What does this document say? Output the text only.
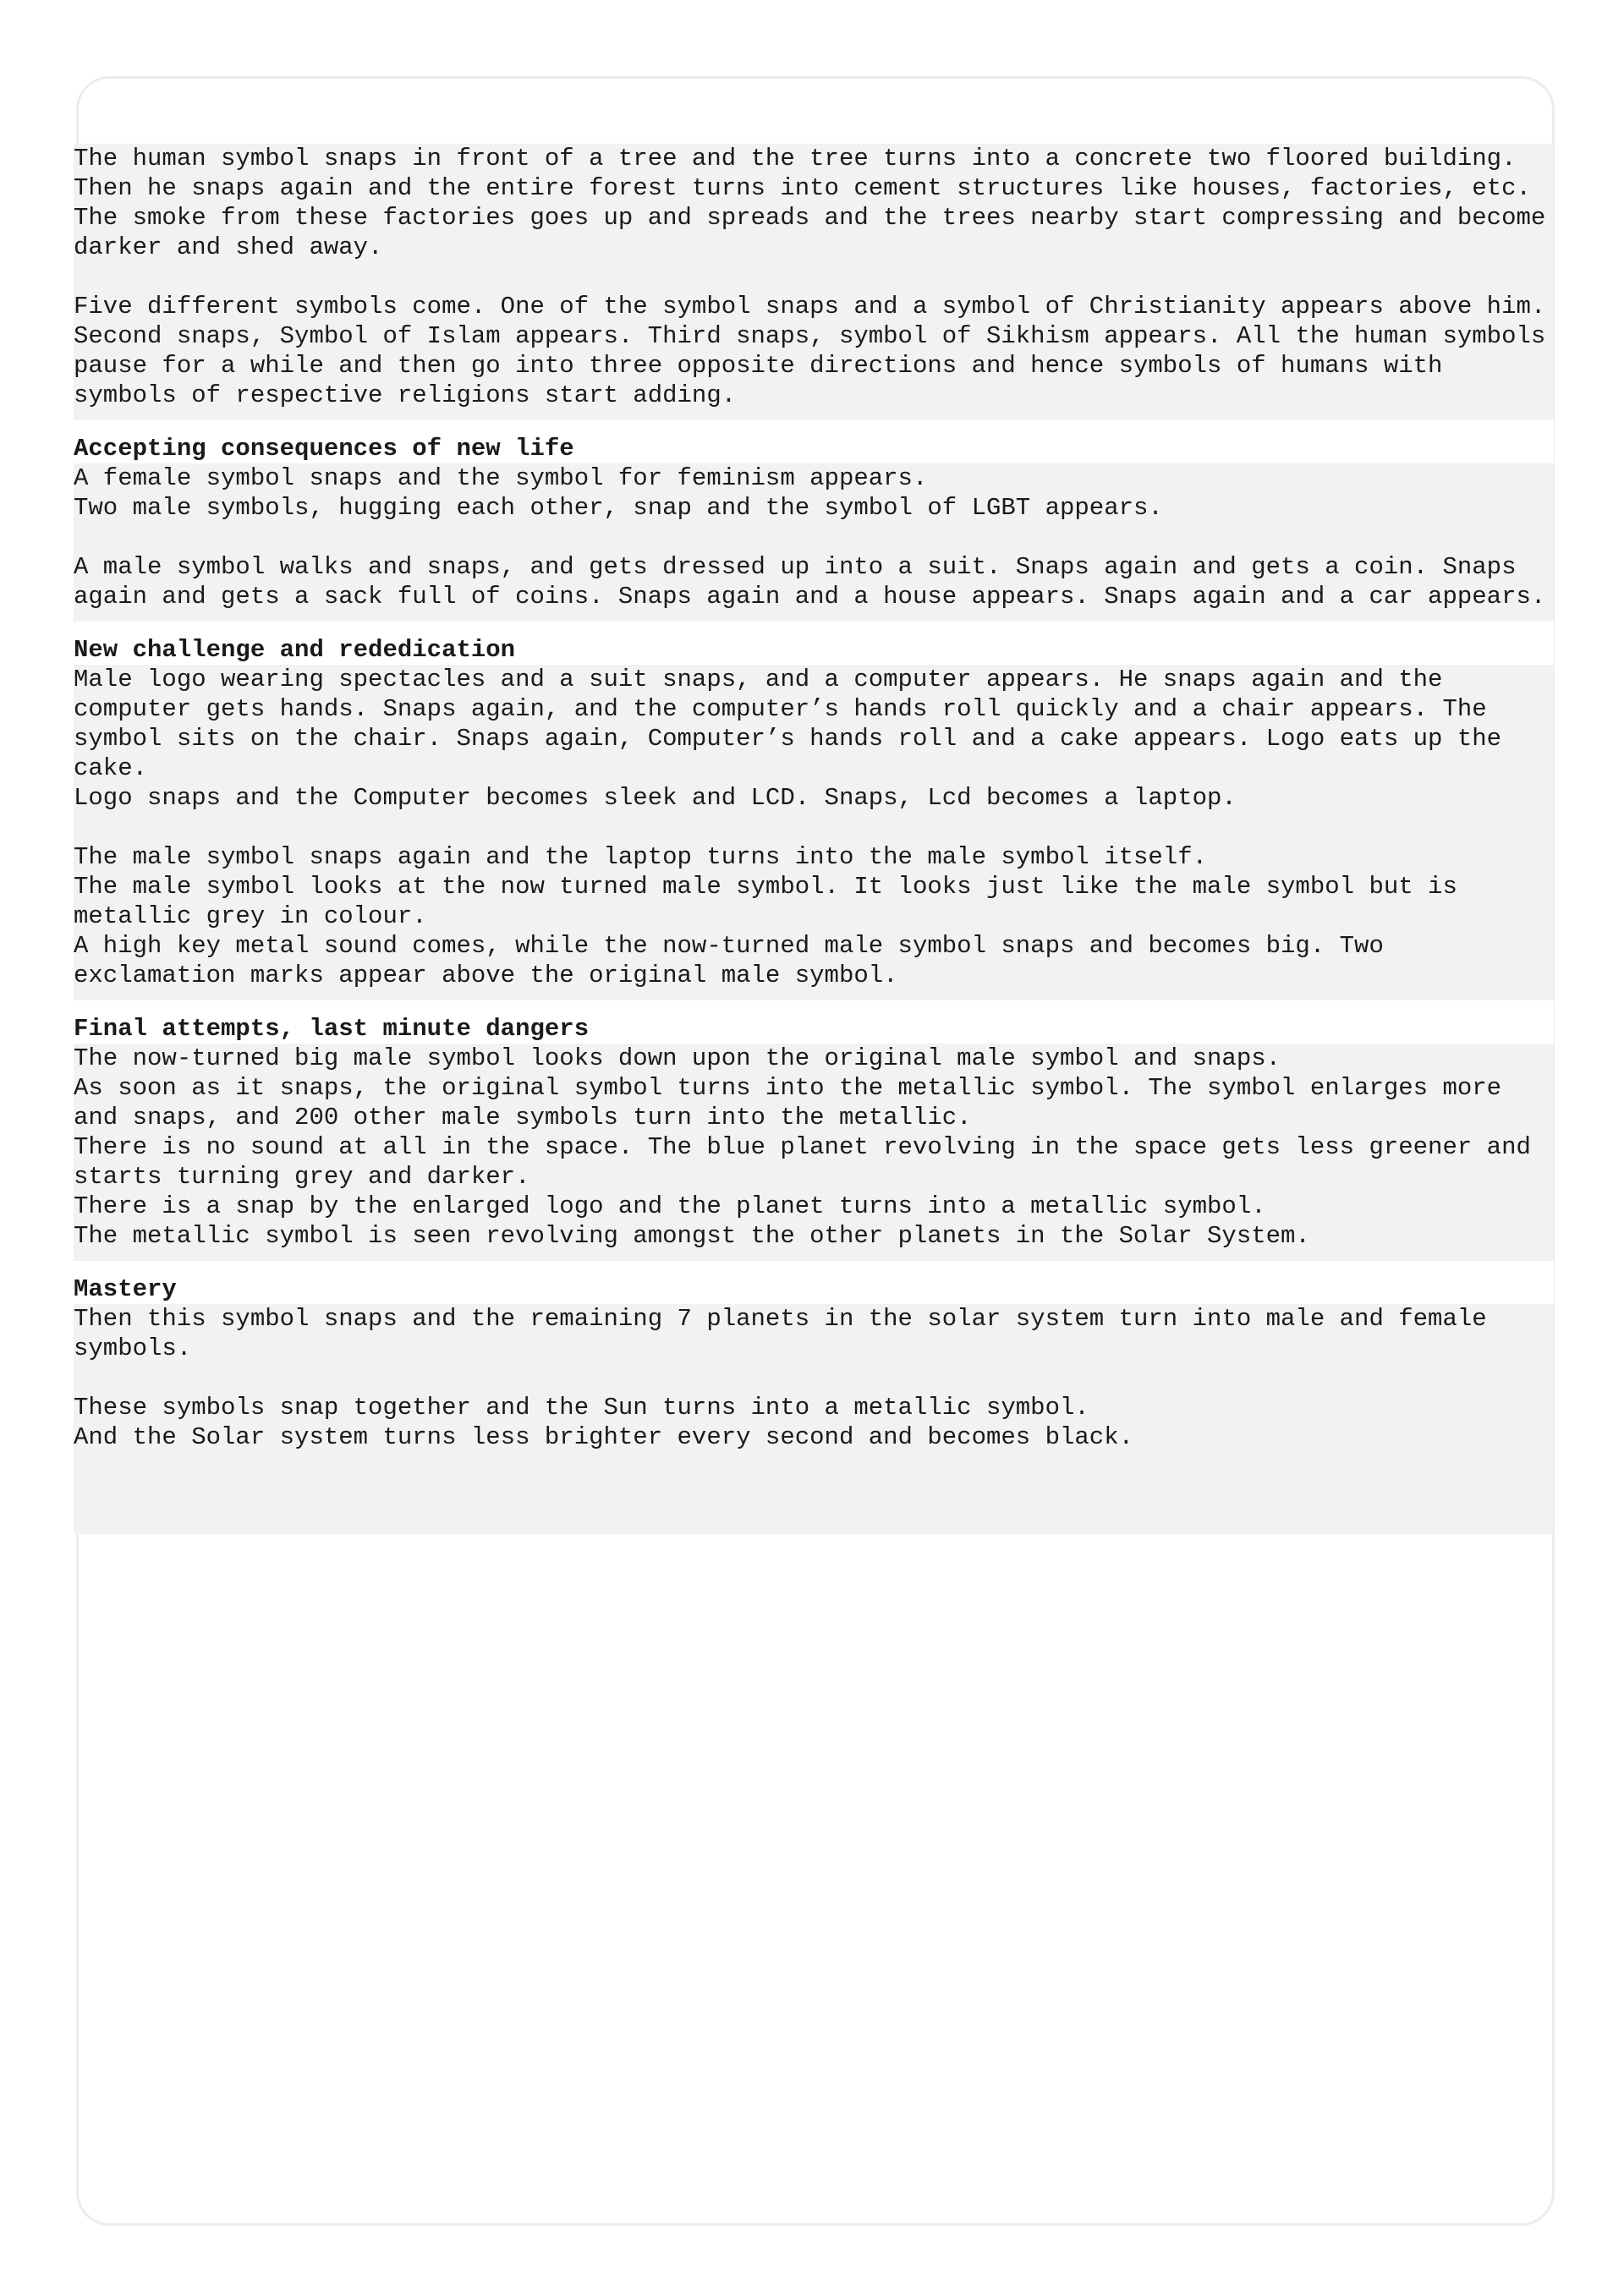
The human symbol snaps in front of a tree and the tree turns into a concrete two floored building. Then he snaps again and the entire forest turns into cement structures like houses, factories, etc. The smoke from these factories goes up and spreads and the trees nearby start compressing and become darker and shed away.

Five different symbols come. One of the symbol snaps and a symbol of Christianity appears above him. Second snaps, Symbol of Islam appears. Third snaps, symbol of Sikhism appears. All the human symbols pause for a while and then go into three opposite directions and hence symbols of humans with symbols of respective religions start adding.

Accepting consequences of new life

A female symbol snaps and the symbol for feminism appears.
Two male symbols, hugging each other, snap and the symbol of LGBT appears.

A male symbol walks and snaps, and gets dressed up into a suit. Snaps again and gets a coin. Snaps again and gets a sack full of coins. Snaps again and a house appears. Snaps again and a car appears.

New challenge and rededication

Male logo wearing spectacles and a suit snaps, and a computer appears. He snaps again and the computer gets hands. Snaps again, and the computer’s hands roll quickly and a chair appears. The symbol sits on the chair. Snaps again, Computer’s hands roll and a cake appears. Logo eats up the cake.
Logo snaps and the Computer becomes sleek and LCD. Snaps, Lcd becomes a laptop.

The male symbol snaps again and the laptop turns into the male symbol itself.
The male symbol looks at the now turned male symbol. It looks just like the male symbol but is metallic grey in colour.
A high key metal sound comes, while the now-turned male symbol snaps and becomes big. Two exclamation marks appear above the original male symbol.

Final attempts, last minute dangers

The now-turned big male symbol looks down upon the original male symbol and snaps.
As soon as it snaps, the original symbol turns into the metallic symbol. The symbol enlarges more and snaps, and 200 other male symbols turn into the metallic.
There is no sound at all in the space. The blue planet revolving in the space gets less greener and starts turning grey and darker.
There is a snap by the enlarged logo and the planet turns into a metallic symbol.
The metallic symbol is seen revolving amongst the other planets in the Solar System.

Mastery

Then this symbol snaps and the remaining 7 planets in the solar system turn into male and female symbols.

These symbols snap together and the Sun turns into a metallic symbol.
And the Solar system turns less brighter every second and becomes black.
